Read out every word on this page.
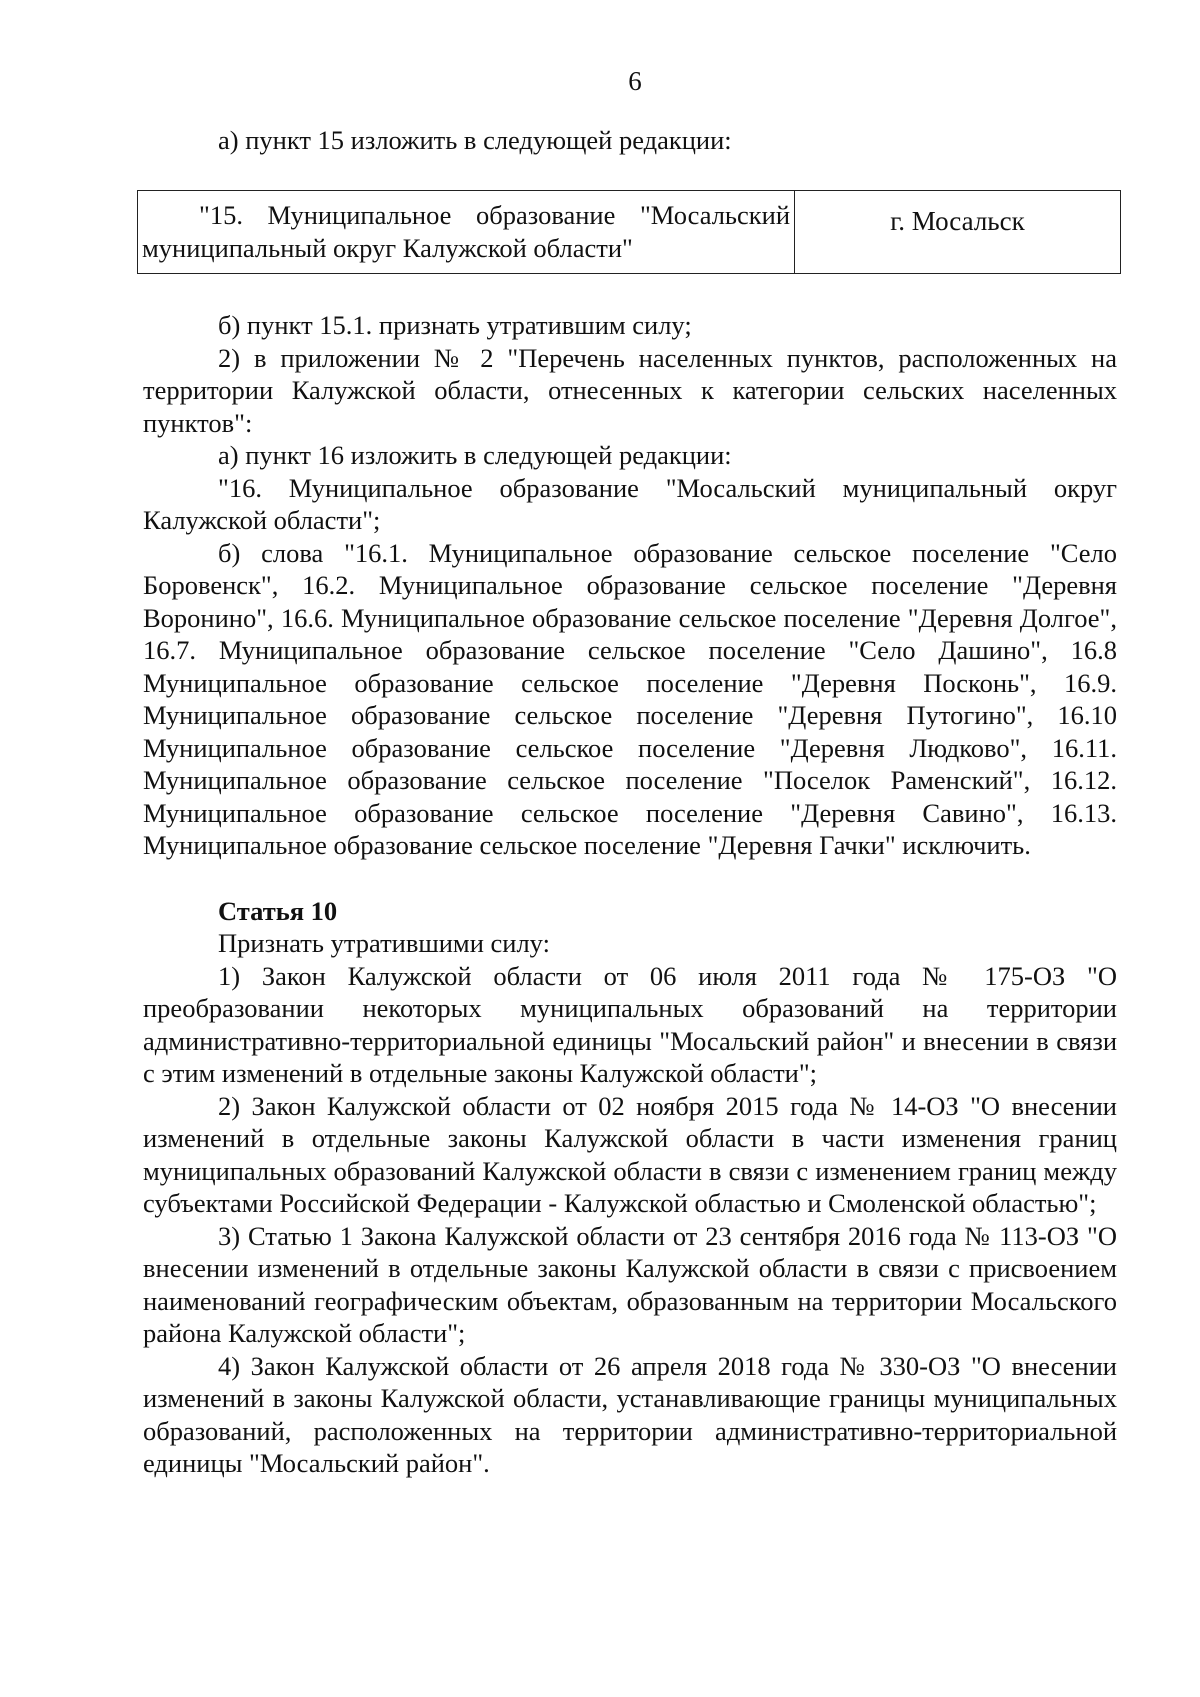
6

а) пункт 15 изложить в следующей редакции:

"15. Муниципальное образование "Мосальский муниципальный округ Калужской области"	г. Мосальск

б) пункт 15.1. признать утратившим силу;

2) в приложении № 2 "Перечень населенных пунктов, расположенных на территории Калужской области, отнесенных к категории сельских населенных пунктов":

а) пункт 16 изложить в следующей редакции:

"16. Муниципальное образование "Мосальский муниципальный округ Калужской области";

б) слова "16.1. Муниципальное образование сельское поселение "Село Боровенск", 16.2. Муниципальное образование сельское поселение "Деревня Воронино", 16.6. Муниципальное образование сельское поселение "Деревня Долгое", 16.7. Муниципальное образование сельское поселение "Село Дашино", 16.8 Муниципальное образование сельское поселение "Деревня Посконь", 16.9. Муниципальное образование сельское поселение "Деревня Путогино", 16.10 Муниципальное образование сельское поселение "Деревня Людково", 16.11. Муниципальное образование сельское поселение "Поселок Раменский", 16.12. Муниципальное образование сельское поселение "Деревня Савино", 16.13. Муниципальное образование сельское поселение "Деревня Гачки" исключить.

Статья 10

Признать утратившими силу:

1) Закон Калужской области от 06 июля 2011 года № 175-ОЗ "О преобразовании некоторых муниципальных образований на территории административно-территориальной единицы "Мосальский район" и внесении в связи с этим изменений в отдельные законы Калужской области";

2) Закон Калужской области от 02 ноября 2015 года № 14-ОЗ "О внесении изменений в отдельные законы Калужской области в части изменения границ муниципальных образований Калужской области в связи с изменением границ между субъектами Российской Федерации - Калужской областью и Смоленской областью";

3) Статью 1 Закона Калужской области от 23 сентября 2016 года № 113-ОЗ "О внесении изменений в отдельные законы Калужской области в связи с присвоением наименований географическим объектам, образованным на территории Мосальского района Калужской области";

4) Закон Калужской области от 26 апреля 2018 года № 330-ОЗ "О внесении изменений в законы Калужской области, устанавливающие границы муниципальных образований, расположенных на территории административно-территориальной единицы "Мосальский район".
